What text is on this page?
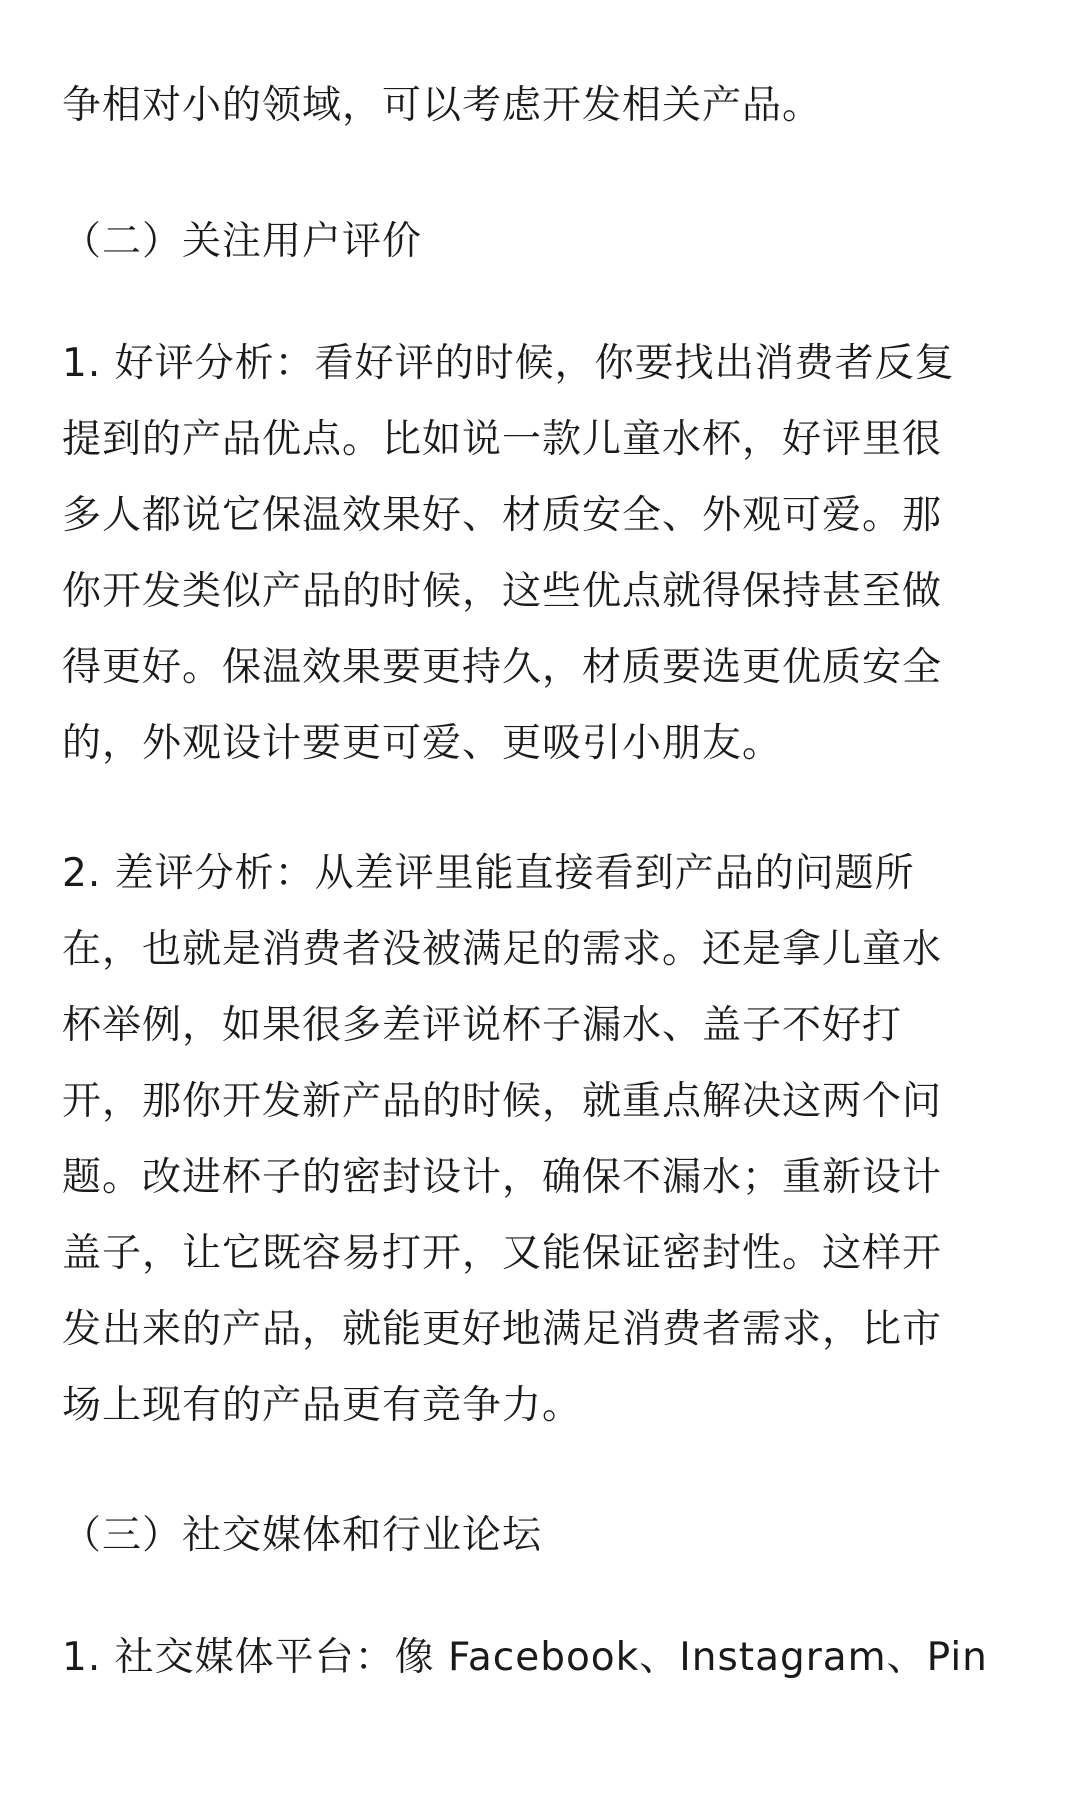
争相对小的领域，可以考虑开发相关产品。
（二）关注用户评价
1. 好评分析：看好评的时候，你要找出消费者反复
提到的产品优点。比如说一款儿童水杯，好评里很
多人都说它保温效果好、材质安全、外观可爱。那
你开发类似产品的时候，这些优点就得保持甚至做
得更好。保温效果要更持久，材质要选更优质安全
的，外观设计要更可爱、更吸引小朋友。
2. 差评分析：从差评里能直接看到产品的问题所
在，也就是消费者没被满足的需求。还是拿儿童水
杯举例，如果很多差评说杯子漏水、盖子不好打
开，那你开发新产品的时候，就重点解决这两个问
题。改进杯子的密封设计，确保不漏水；重新设计
盖子，让它既容易打开，又能保证密封性。这样开
发出来的产品，就能更好地满足消费者需求，比市
场上现有的产品更有竞争力。
（三）社交媒体和行业论坛
1. 社交媒体平台：像 Facebook、Instagram、Pin
